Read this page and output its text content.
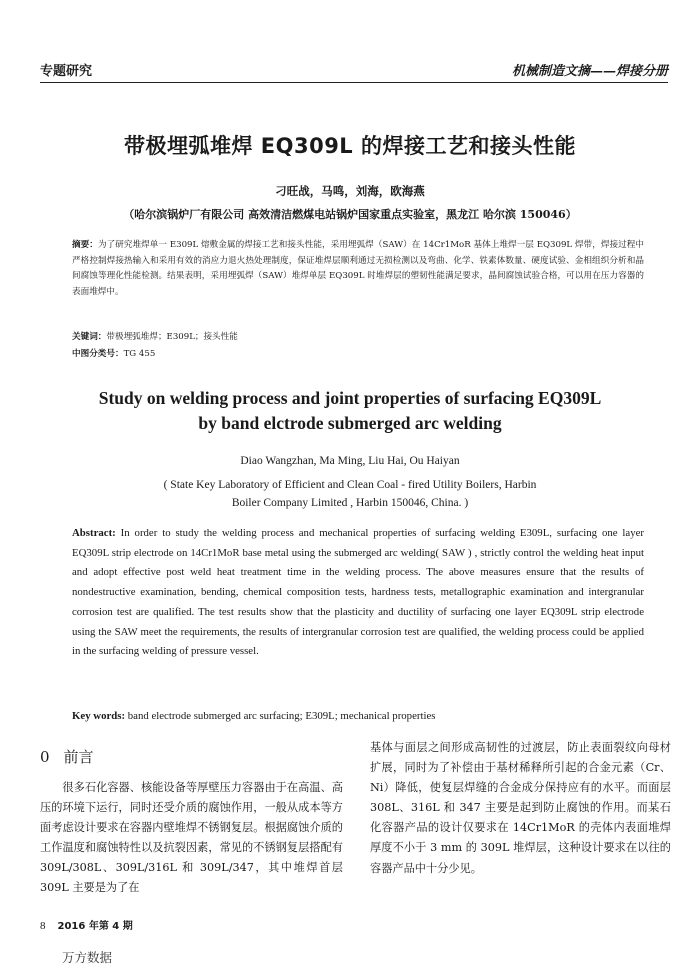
专题研究	机械制造文摘——焊接分册
带极埋弧堆焊 EQ309L 的焊接工艺和接头性能
刁旺战，马鸣，刘海，欧海燕
（哈尔滨锅炉厂有限公司 高效清洁燃煤电站锅炉国家重点实验室，黑龙江 哈尔滨 150046）
摘要：为了研究堆焊单一 E309L 熔敷金属的焊接工艺和接头性能，采用埋弧焊（SAW）在 14Cr1MoR 基体上堆焊一层 EQ309L 焊带，焊接过程中严格控制焊接热输入和采用有效的消应力退火热处理制度，保证堆焊层顺利通过无损检测以及弯曲、化学、铁素体数量、硬度试验、金相组织分析和晶间腐蚀等理化性能检测。结果表明，采用埋弧焊（SAW）堆焊单层 EQ309L 时堆焊层的塑韧性能满足要求，晶间腐蚀试验合格，可以用在压力容器的表面堆焊中。
关键词：带极埋弧堆焊；E309L；接头性能
中图分类号：TG 455
Study on welding process and joint properties of surfacing EQ309L
by band elctrode submerged arc welding
Diao Wangzhan, Ma Ming, Liu Hai, Ou Haiyan
( State Key Laboratory of Efficient and Clean Coal - fired Utility Boilers, Harbin
Boiler Company Limited , Harbin 150046, China. )
Abstract: In order to study the welding process and mechanical properties of surfacing welding E309L, surfacing one layer EQ309L strip electrode on 14Cr1MoR base metal using the submerged arc welding( SAW ) , strictly control the welding heat input and adopt effective post weld heat treatment time in the welding process. The above measures ensure that the results of nondestructive examination, bending, chemical composition tests, hardness tests, metallographic examination and intergranular corrosion test are qualified. The test results show that the plasticity and ductility of surfacing one layer EQ309L strip electrode using the SAW meet the requirements, the results of intergranular corrosion test are qualified, the welding process could be applied in the surfacing welding of pressure vessel.
Key words: band electrode submerged arc surfacing; E309L; mechanical properties
0 前言

很多石化容器、核能设备等厚壁压力容器由于在高温、高压的环境下运行，同时还受介质的腐蚀作用，一般从成本等方面考虑设计要求在容器内壁堆焊不锈钢复层。根据腐蚀介质的工作温度和腐蚀特性以及抗裂因素，常见的不锈钢复层搭配有 309L/308L、309L/316L 和 309L/347，其中堆焊首层 309L 主要是为了在

基体与面层之间形成高韧性的过渡层，防止表面裂纹向母材扩展，同时为了补偿由于基材稀释所引起的合金元素（Cr、Ni）降低，使复层焊缝的合金成分保持应有的水平。而面层 308L、316L 和 347 主要是起到防止腐蚀的作用。而某石化容器产品的设计仅要求在 14Cr1MoR 的壳体内表面堆焊厚度不小于 3 mm 的 309L 堆焊层，这种设计要求在以往的容器产品中十分少见。

8 2016 年第 4 期
万方数据
